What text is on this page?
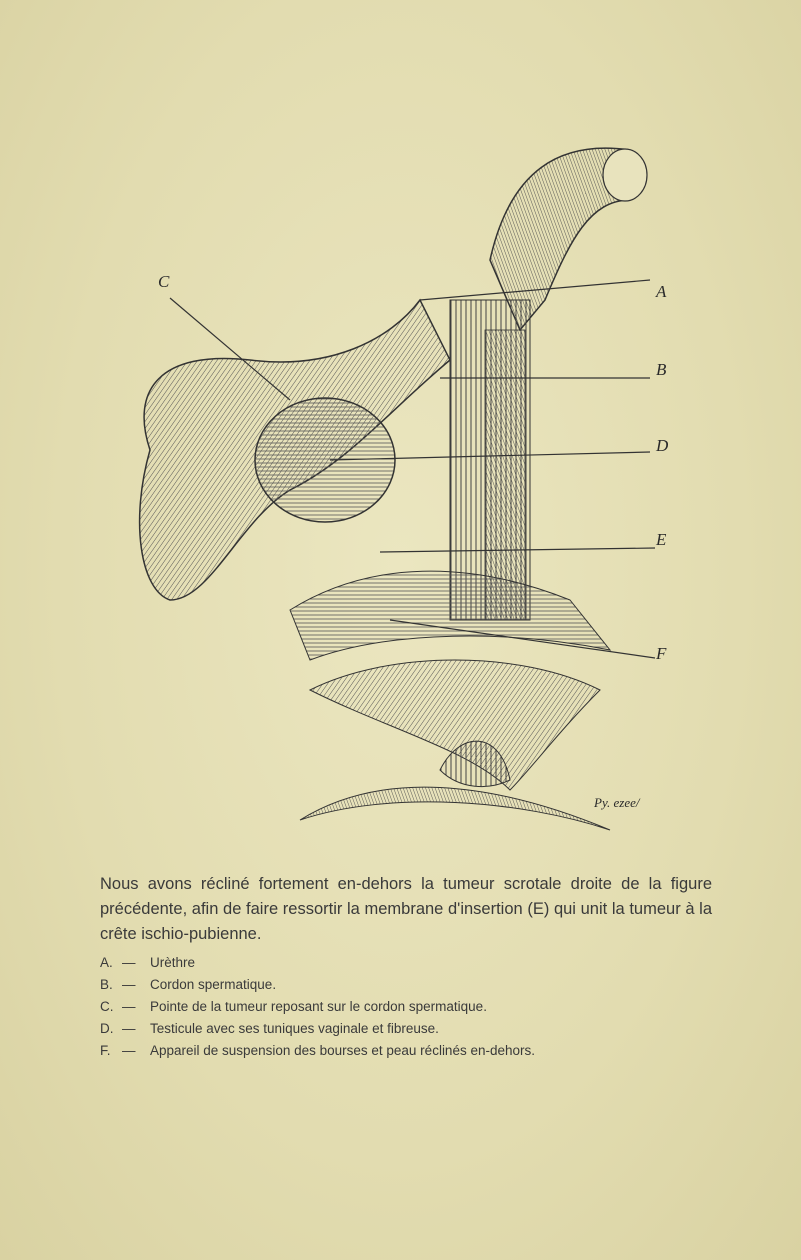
C
A
B
D
E
F
Py. ezee/

Nous avons récliné fortement en-dehors la tumeur scrotale droite de la figure précédente, afin de faire ressortir la membrane d'insertion (E) qui unit la tumeur à la crête ischio-pubienne.

A. —	Urèthre
B. —	Cordon spermatique.
C. —	Pointe de la tumeur reposant sur le cordon spermatique.
D. —	Testicule avec ses tuniques vaginale et fibreuse.
F. —	Appareil de suspension des bourses et peau réclinés en-dehors.
